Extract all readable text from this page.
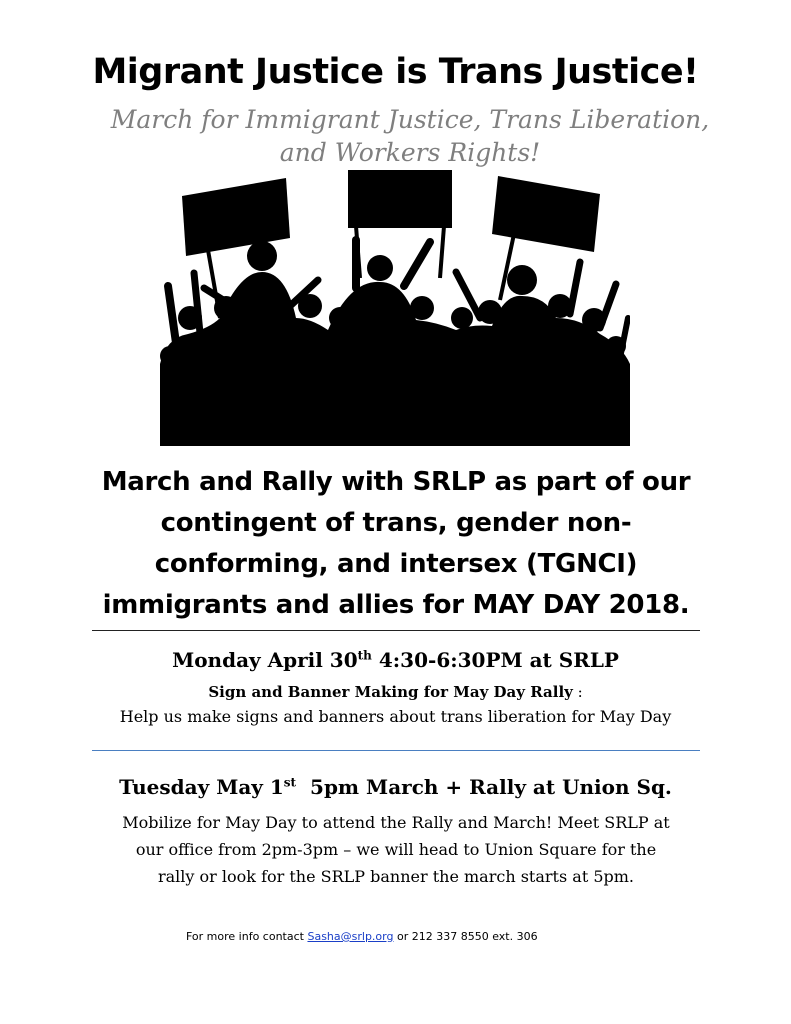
Migrant Justice is Trans Justice!
March for Immigrant Justice, Trans Liberation,
and Workers Rights!
March and Rally with SRLP as part of our
contingent of trans, gender non-
conforming, and intersex (TGNCI)
immigrants and allies for MAY DAY 2018.
Monday April 30th 4:30-6:30PM at SRLP
Sign and Banner Making for May Day Rally :
Help us make signs and banners about trans liberation for May Day
Tuesday May 1st  5pm March + Rally at Union Sq.
Mobilize for May Day to attend the Rally and March! Meet SRLP at
our office from 2pm-3pm – we will head to Union Square for the
rally or look for the SRLP banner the march starts at 5pm.
For more info contact Sasha@srlp.org or 212 337 8550 ext. 306
